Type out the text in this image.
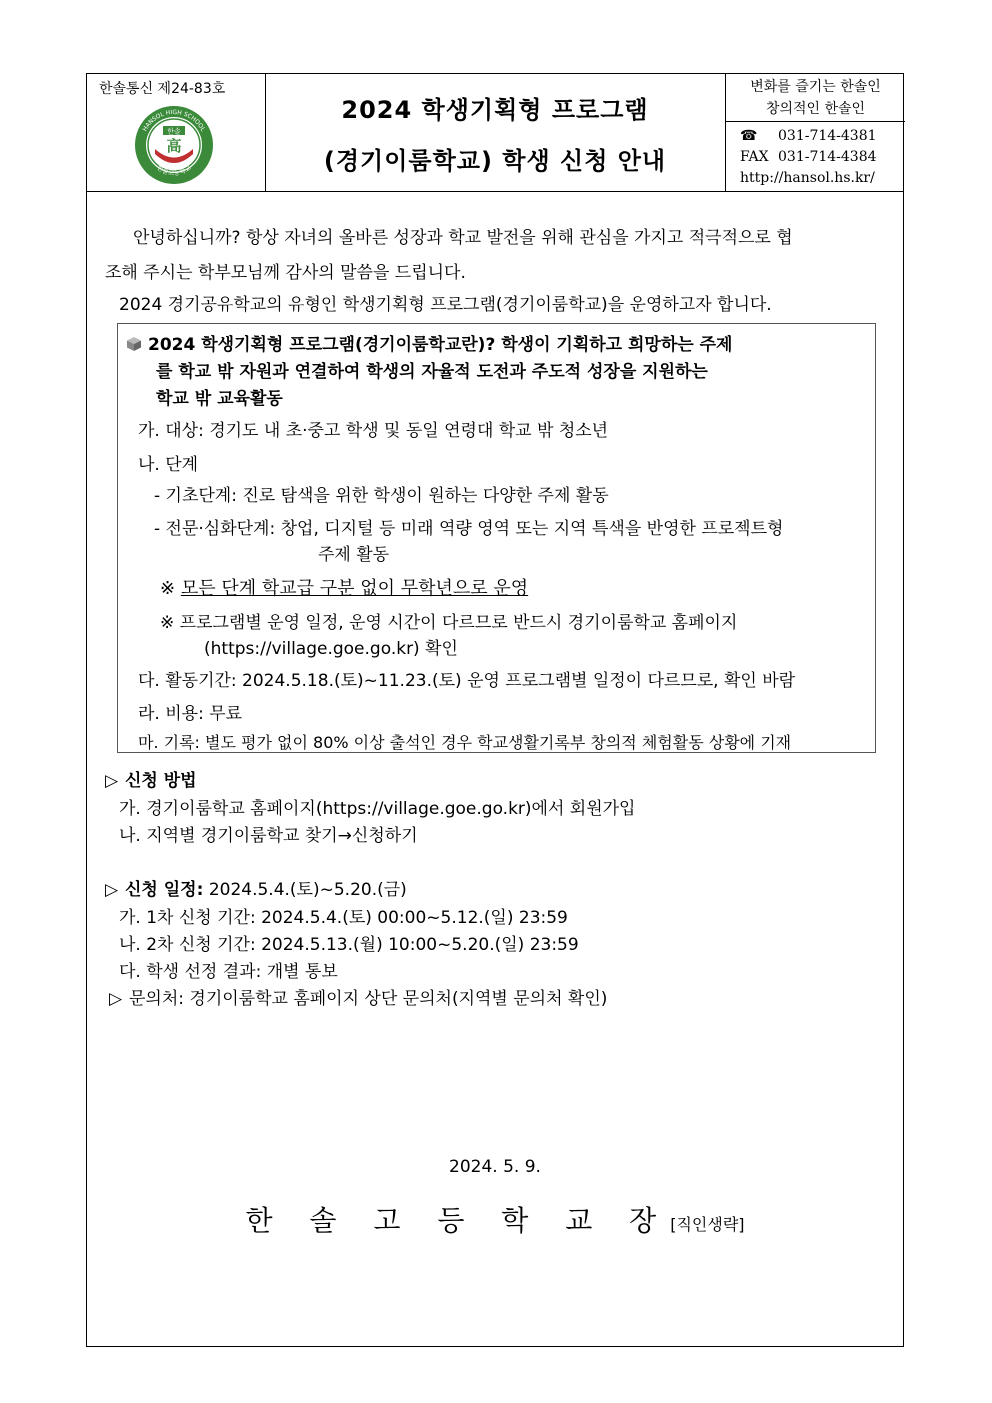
한솔통신 제24-83호
한솔
高
HANSOL HIGH SCHOOL
한솔고등학교
2024 학생기획형 프로그램
(경기이룸학교) 학생 신청 안내
변화를 즐기는 한솔인
창의적인 한솔인
☎ 031-714-4381
FAX 031-714-4384
http://hansol.hs.kr/
안녕하십니까? 항상 자녀의 올바른 성장과 학교 발전을 위해 관심을 가지고 적극적으로 협
조해 주시는 학부모님께 감사의 말씀을 드립니다.
2024 경기공유학교의 유형인 학생기획형 프로그램(경기이룸학교)을 운영하고자 합니다.
2024 학생기획형 프로그램(경기이룸학교란)? 학생이 기획하고 희망하는 주제
를 학교 밖 자원과 연결하여 학생의 자율적 도전과 주도적 성장을 지원하는
학교 밖 교육활동
가. 대상: 경기도 내 초·중고 학생 및 동일 연령대 학교 밖 청소년
나. 단계
- 기초단계: 진로 탐색을 위한 학생이 원하는 다양한 주제 활동
- 전문·심화단계: 창업, 디지털 등 미래 역량 영역 또는 지역 특색을 반영한 프로젝트형
주제 활동
※ 모든 단계 학교급 구분 없이 무학년으로 운영
※ 프로그램별 운영 일정, 운영 시간이 다르므로 반드시 경기이룸학교 홈페이지
(https://village.goe.go.kr) 확인
다. 활동기간: 2024.5.18.(토)~11.23.(토) 운영 프로그램별 일정이 다르므로, 확인 바람
라. 비용: 무료
마. 기록: 별도 평가 없이 80% 이상 출석인 경우 학교생활기록부 창의적 체험활동 상황에 기재
▷ 신청 방법
가. 경기이룸학교 홈페이지(https://village.goe.go.kr)에서 회원가입
나. 지역별 경기이룸학교 찾기→신청하기
▷ 신청 일정: 2024.5.4.(토)~5.20.(금)
가. 1차 신청 기간: 2024.5.4.(토) 00:00~5.12.(일) 23:59
나. 2차 신청 기간: 2024.5.13.(월) 10:00~5.20.(일) 23:59
다. 학생 선정 결과: 개별 통보
▷ 문의처: 경기이룸학교 홈페이지 상단 문의처(지역별 문의처 확인)
2024. 5. 9.
한 솔 고 등 학 교 장[직인생략]
